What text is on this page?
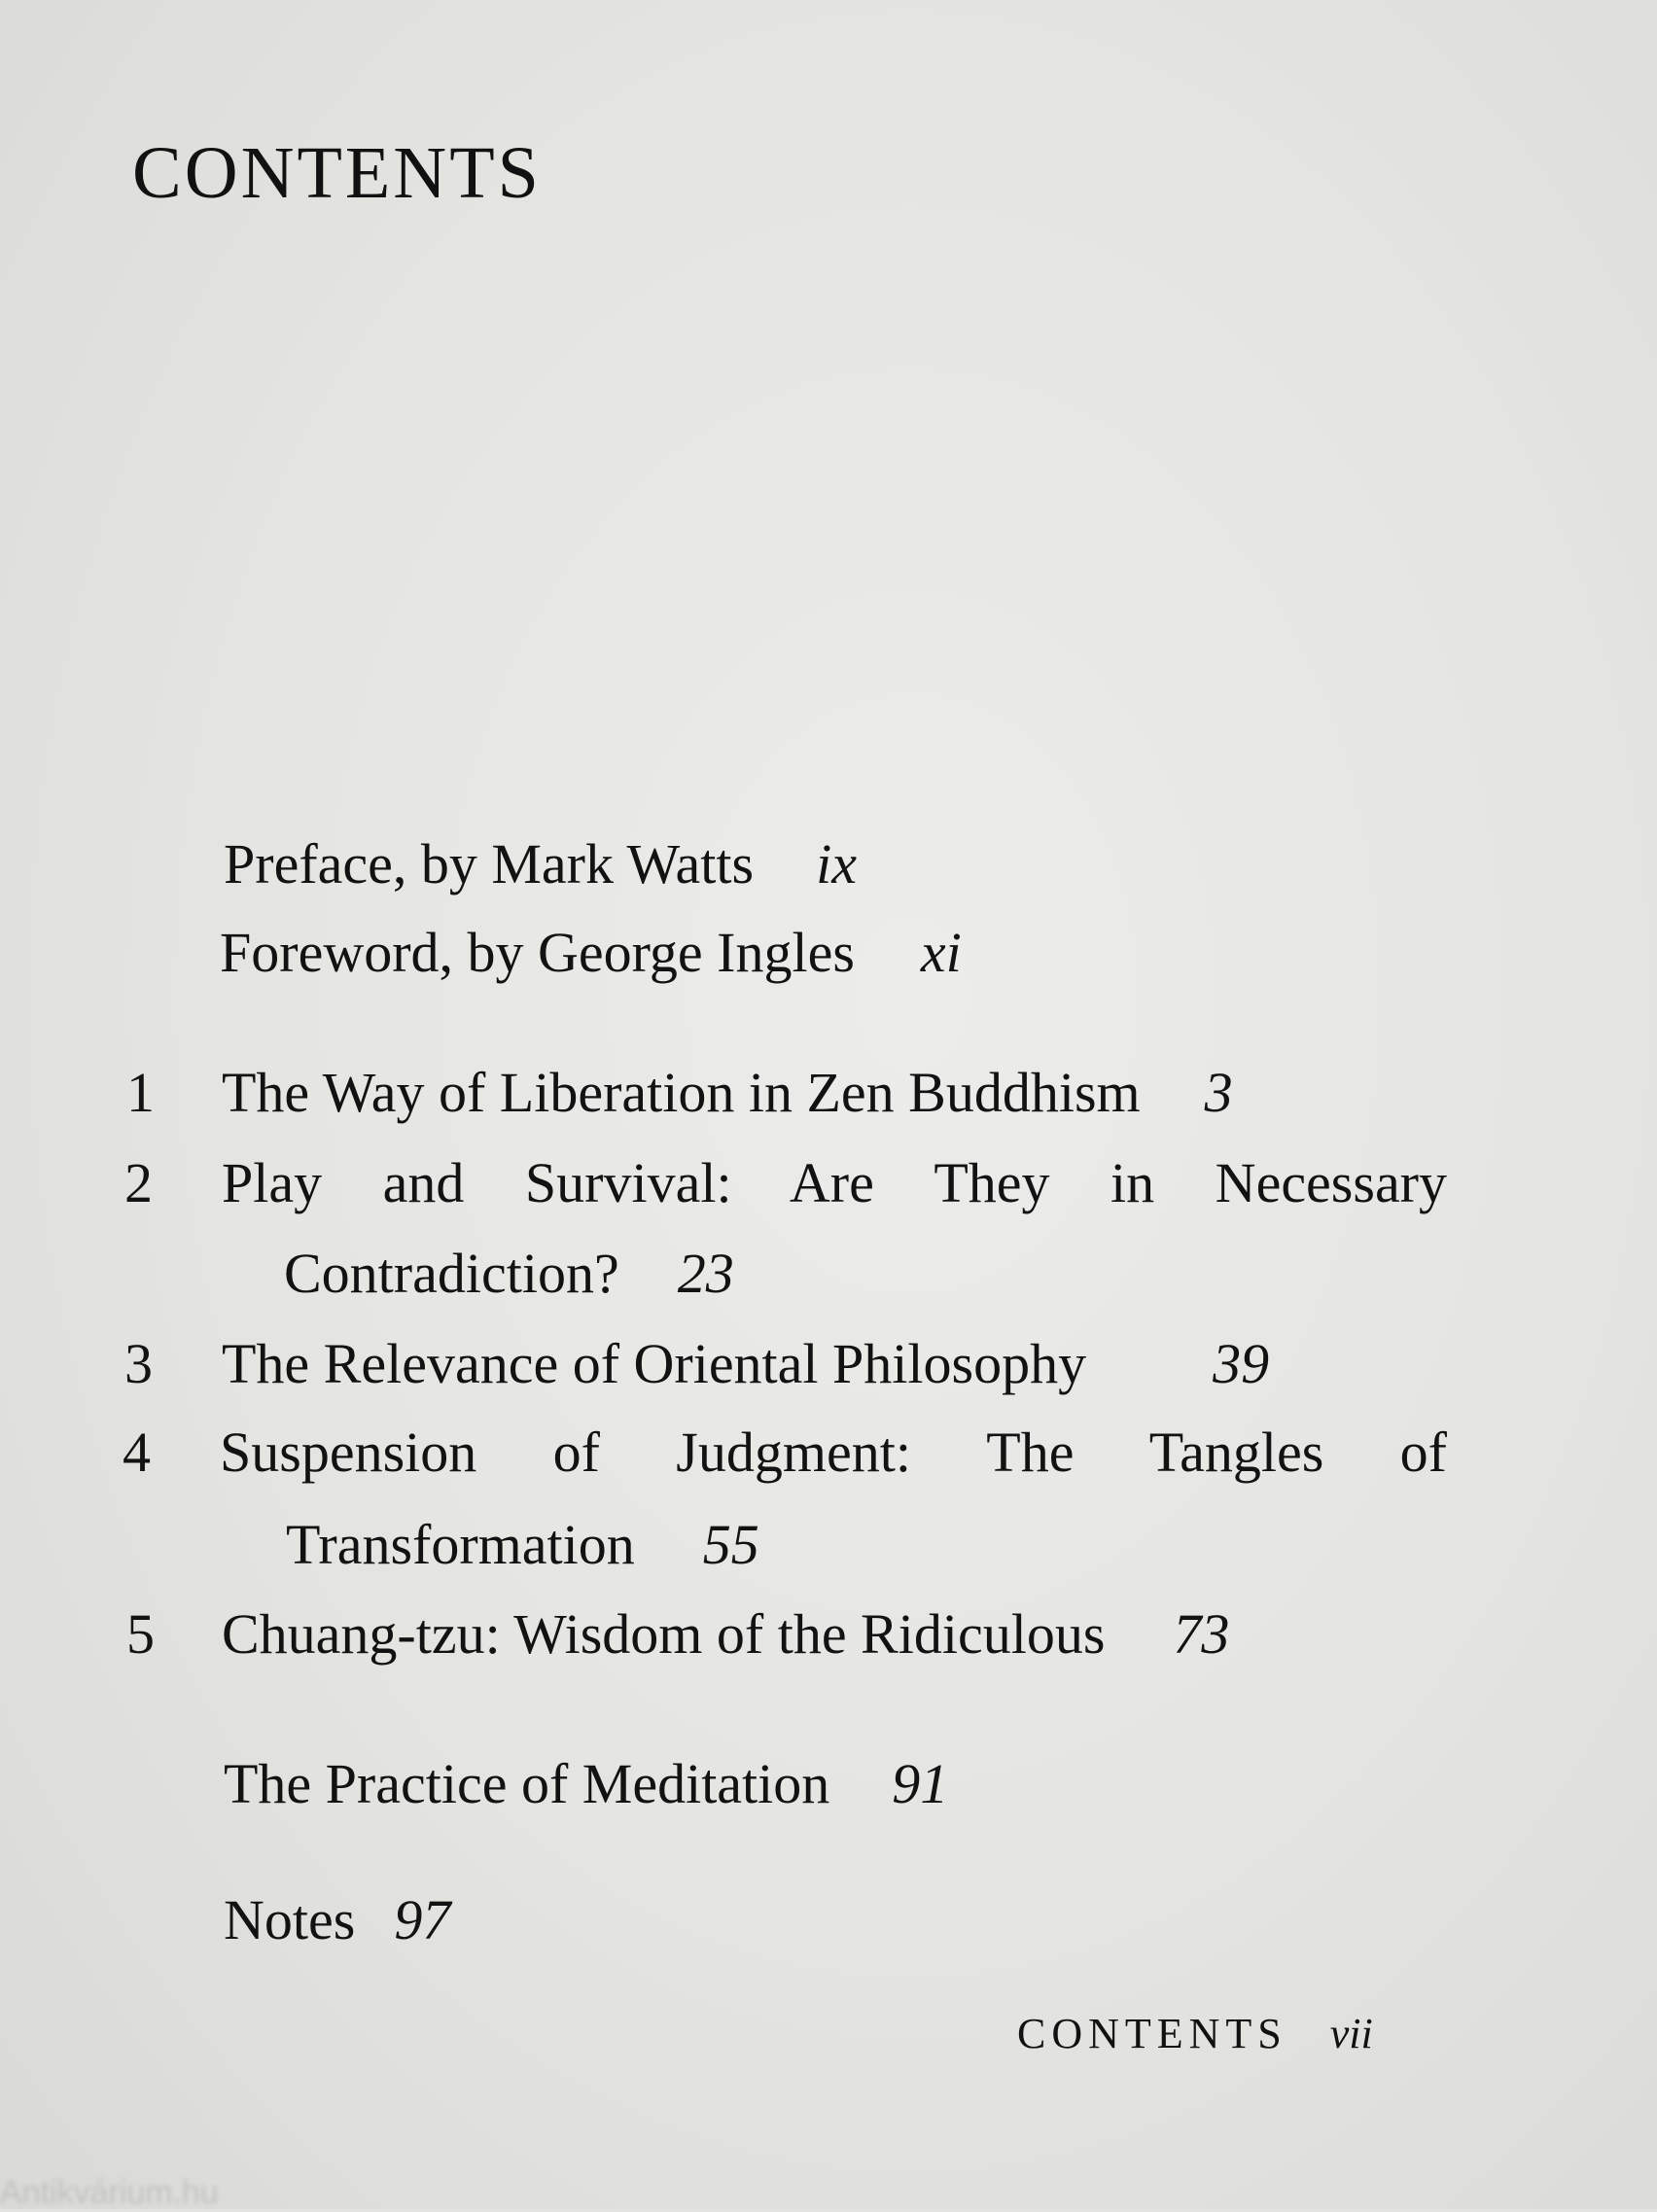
CONTENTS
Preface, by Mark Watts ix
Foreword, by George Ingles xi
1 The Way of Liberation in Zen Buddhism 3
2 Play and Survival: Are They in Necessary
Contradiction? 23
3 The Relevance of Oriental Philosophy 39
4 Suspension of Judgment: The Tangles of
Transformation 55
5 Chuang-tzu: Wisdom of the Ridiculous 73
The Practice of Meditation 91
Notes 97
CONTENTS vii
Antikvárium.hu
